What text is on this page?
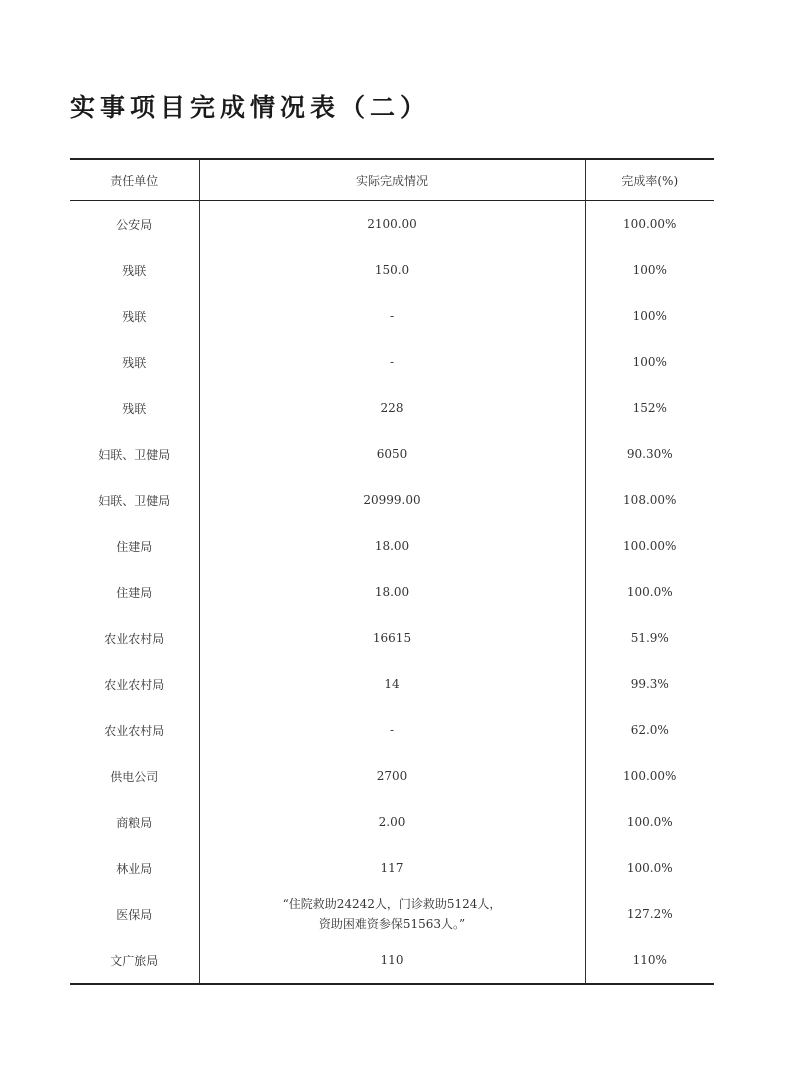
实事项目完成情况表（二）
责任单位	实际完成情况	完成率(%)
公安局	2100.00	100.00%
残联	150.0	100%
残联	-	100%
残联	-	100%
残联	228	152%
妇联、卫健局	6050	90.30%
妇联、卫健局	20999.00	108.00%
住建局	18.00	100.00%
住建局	18.00	100.0%
农业农村局	16615	51.9%
农业农村局	14	99.3%
农业农村局	-	62.0%
供电公司	2700	100.00%
商粮局	2.00	100.0%
林业局	117	100.0%
医保局	“住院救助24242人，门诊救助5124人，
资助困难资参保51563人。”	127.2%
文广旅局	110	110%
